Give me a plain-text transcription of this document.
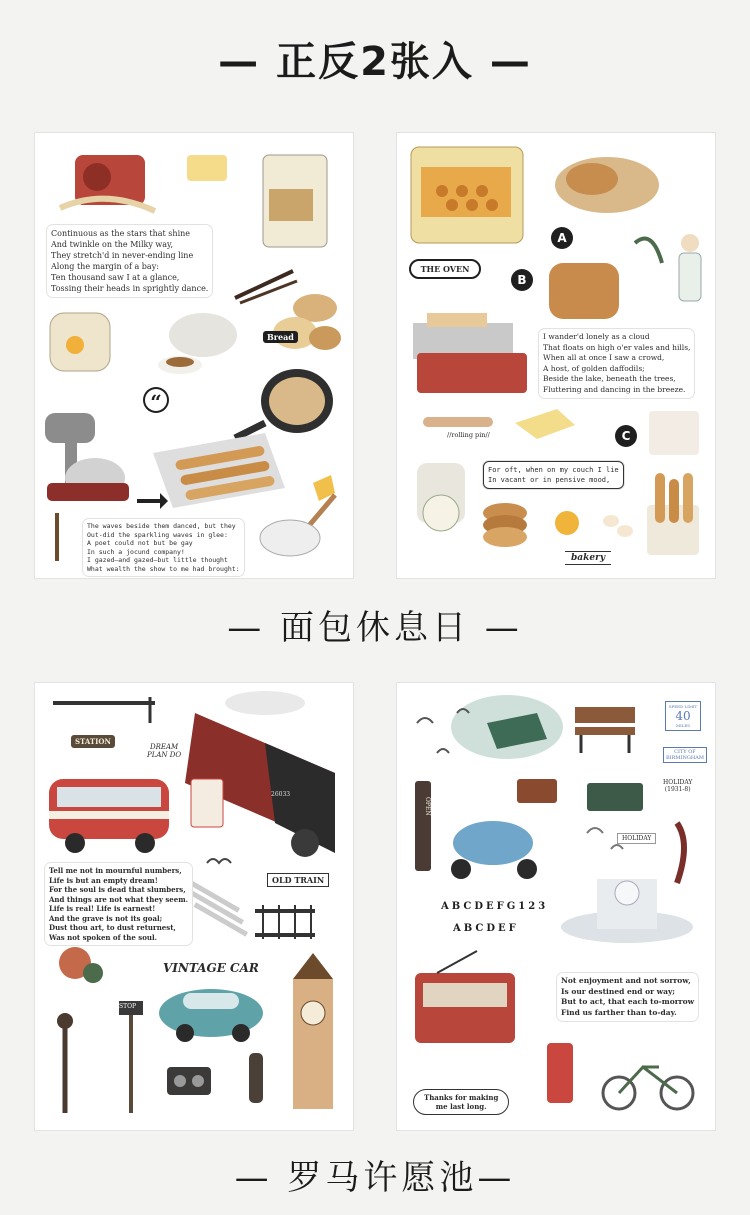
— 正反2张入 —
— 面包休息日 —
— 罗马许愿池—
Continuous as the stars that shine
And twinkle on the Milky way,
They stretch'd in never-ending line
Along the margin of a bay:
Ten thousand saw I at a glance,
Tossing their heads in sprightly dance.
Bread
“
The waves beside them danced, but they
Out-did the sparkling waves in glee:
A poet could not but be gay
In such a jocund company!
I gazed—and gazed—but little thought
What wealth the show to me had brought:
THE OVEN
A
B
C
I wander'd lonely as a cloud
That floats on high o'er vales and hills,
When all at once I saw a crowd,
A host, of golden daffodils;
Beside the lake, beneath the trees,
Fluttering and dancing in the breeze.
//rolling pin//
For oft, when on my couch I lie
In vacant or in pensive mood,
bakery
STATION
DREAM
PLAN DO
26033
Tell me not in mournful numbers,
Life is but an empty dream!
For the soul is dead that slumbers,
And things are not what they seem.
Life is real! Life is earnest!
And the grave is not its goal;
Dust thou art, to dust returnest,
Was not spoken of the soul.
OLD TRAIN
VINTAGE CAR
STOP
OPEN
SPEED LIMIT
40
MILES
CITY OF
BIRMINGHAM
HOLIDAY
(1931-8)
HOLIDAY
ABCDEFG123
ABCDEF
Not enjoyment and not sorrow,
Is our destined end or way;
But to act, that each to-morrow
Find us farther than to-day.
Thanks for making
me last long.
